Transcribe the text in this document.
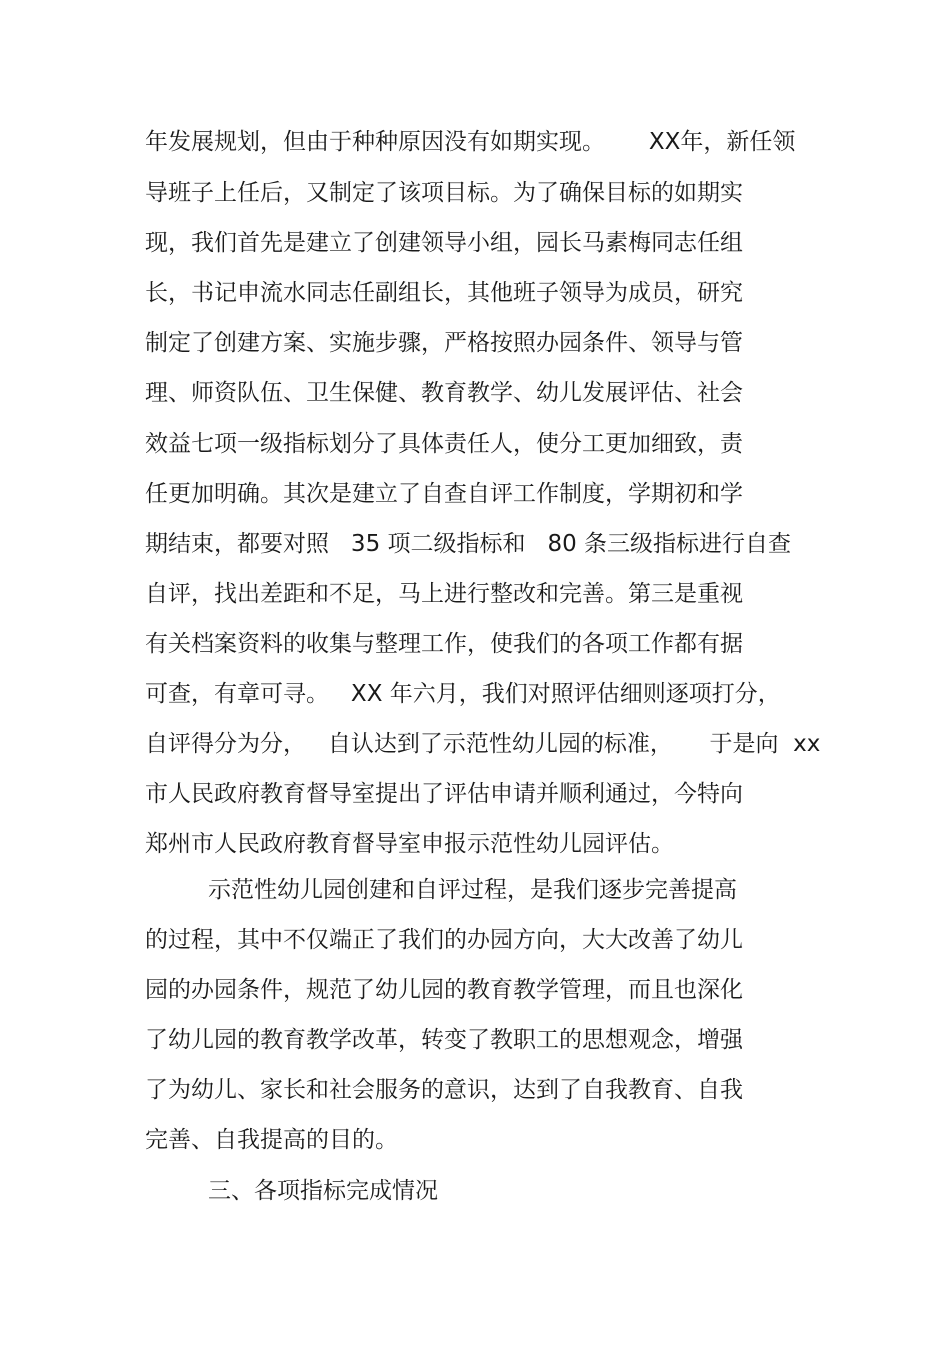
年发展规划，但由于种种原因没有如期实现。      XX年，新任领
导班子上任后，又制定了该项目标。为了确保目标的如期实
现，我们首先是建立了创建领导小组，园长马素梅同志任组
长，书记申流水同志任副组长，其他班子领导为成员，研究
制定了创建方案、实施步骤，严格按照办园条件、领导与管
理、师资队伍、卫生保健、教育教学、幼儿发展评估、社会
效益七项一级指标划分了具体责任人，使分工更加细致，责
任更加明确。其次是建立了自查自评工作制度，学期初和学
期结束，都要对照   35 项二级指标和   80 条三级指标进行自查
自评，找出差距和不足，马上进行整改和完善。第三是重视
有关档案资料的收集与整理工作，使我们的各项工作都有据
可查，有章可寻。   XX 年六月，我们对照评估细则逐项打分，
自评得分为分，   自认达到了示范性幼儿园的标准，     于是向  xx
市人民政府教育督导室提出了评估申请并顺利通过，今特向
郑州市人民政府教育督导室申报示范性幼儿园评估。
示范性幼儿园创建和自评过程，是我们逐步完善提高
的过程，其中不仅端正了我们的办园方向，大大改善了幼儿
园的办园条件，规范了幼儿园的教育教学管理，而且也深化
了幼儿园的教育教学改革，转变了教职工的思想观念，增强
了为幼儿、家长和社会服务的意识，达到了自我教育、自我
完善、自我提高的目的。
三、各项指标完成情况
